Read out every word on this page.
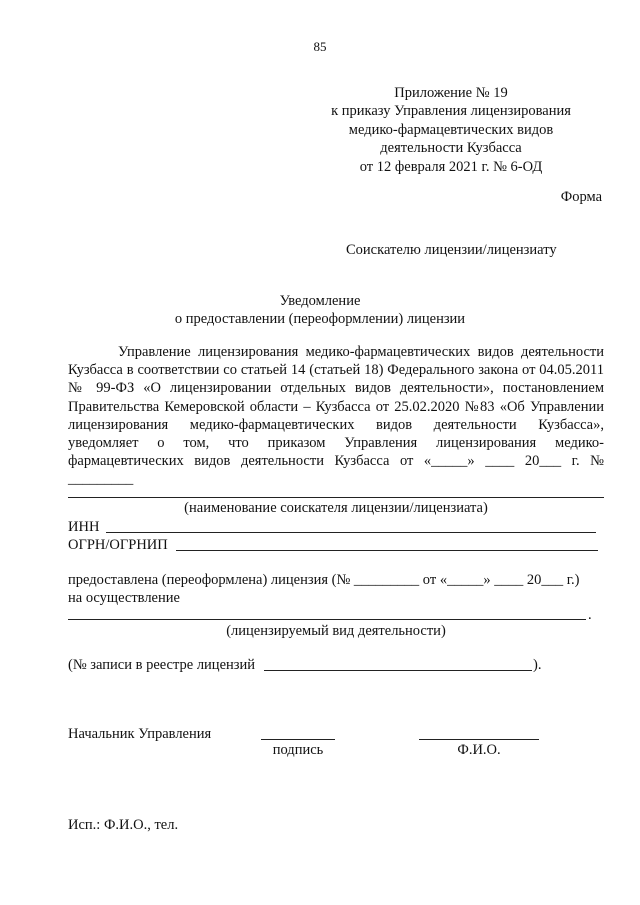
85
Приложение № 19
к приказу Управления лицензирования
медико-фармацевтических видов
деятельности Кузбасса
от 12 февраля 2021 г. № 6-ОД
Форма
Соискателю лицензии/лицензиату
Уведомление
о предоставлении (переоформлении) лицензии

Управление лицензирования медико-фармацевтических видов деятельности Кузбасса в соответствии со статьей 14 (статьей 18) Федерального закона от 04.05.2011 № 99-ФЗ «О лицензировании отдельных видов деятельности», постановлением Правительства Кемеровской области – Кузбасса от 25.02.2020 №83 «Об Управлении лицензирования медико-фармацевтических видов деятельности Кузбасса», уведомляет о том, что приказом Управления лицензирования медико-фармацевтических видов деятельности Кузбасса от «_____» ____ 20___ г. № _________

(наименование соискателя лицензии/лицензиата)
ИНН
ОГРН/ОГРНИП
предоставлена (переоформлена) лицензия (№ _________ от «_____» ____ 20___ г.)
на осуществление
.
(лицензируемый вид деятельности)
(№ записи в реестре лицензий	).
Начальник Управления
подпись	Ф.И.О.
Исп.: Ф.И.О., тел.
